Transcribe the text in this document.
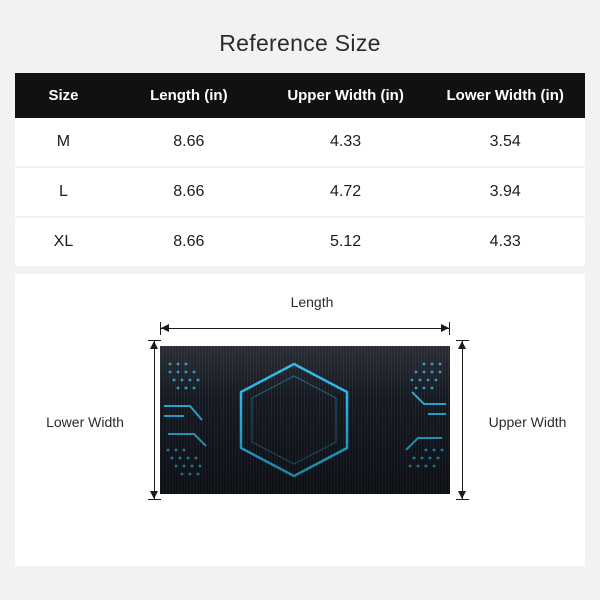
Reference Size
Size	Length (in)	Upper Width (in)	Lower Width (in)
M	8.66	4.33	3.54
L	8.66	4.72	3.94
XL	8.66	5.12	4.33
Length
Lower Width	Upper Width
